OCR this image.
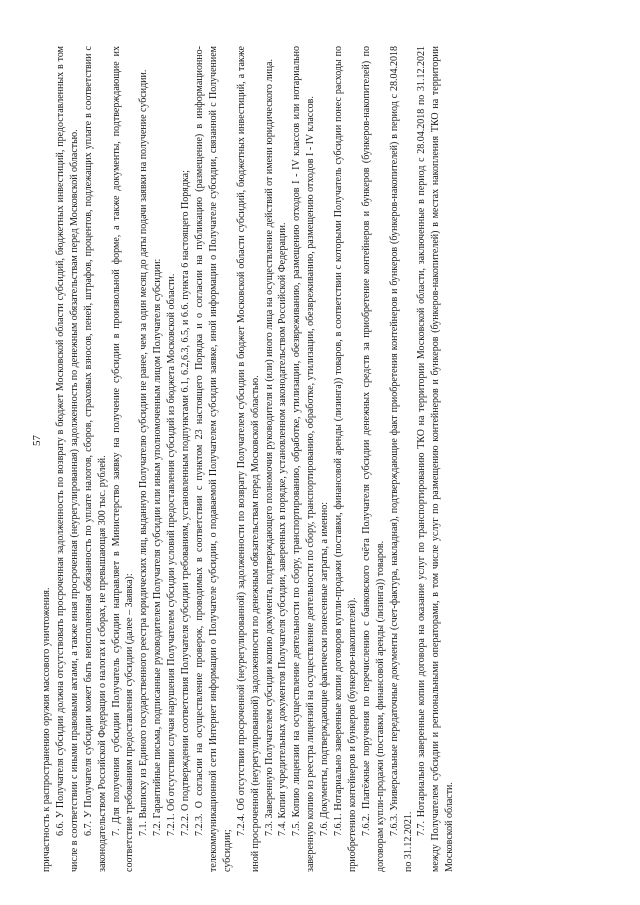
причастность к распространению оружия массового уничтожения. 6.6. У Получателя субсидии должна отсутствовать просроченная задолженность по возврату в бюджет Московской области субсидий, бюджетных инвестиций, предоставленных в том числе в соответствии с иными правовыми актами, а также иная просроченная (неурегулированная) задолженность по денежным обязательствам перед Московской областью. 6.7. У Получателя субсидии может быть неисполненная обязанность по уплате налогов, сборов, страховых взносов, пеней, штрафов, процентов, подлежащих уплате в соответствии с законодательством Российской Федерации о налогах и сборах, не превышающая 300 тыс. рублей. 7. Для получения субсидии Получатель субсидии направляет в Министерство заявку на получение субсидии в произвольной форме, а также документы, подтверждающие их соответствие требованиям предоставления субсидии (далее – Заявка): 7.1. Выписку из Единого государственного реестра юридических лиц, выданную Получателю субсидии не ранее, чем за один месяц до даты подачи заявки на получение субсидии. 7.2. Гарантийные письма, подписанные руководителем Получателя субсидии или иным уполномоченным лицом Получателя субсидии: 7.2.1. Об отсутствии случая нарушения Получателем субсидии условий предоставления субсидий из бюджета Московской области. 7.2.2. О подтверждении соответствия Получателя субсидии требованиям, установленным подпунктами 6.1, 6.2,6.3, 6.5, и 6.6. пункта 6 настоящего Порядка; 7.2.3. О согласии на осуществление проверок, проводимых в соответствии с пунктом 23 настоящего Порядка и о согласии на публикацию (размещение) в информационно-телекоммуникационной сети Интернет информации о Получателе субсидии, о подаваемой Получателем субсидии заявке, иной информации о Получателе субсидии, связанной с Получением субсидии;

7.2.4. Об отсутствии просроченной (неурегулированной) задолженности по возврату Получателем субсидии в бюджет Московской области субсидий, бюджетных инвестиций, а также иной просроченной (неурегулированной) задолженности по денежным обязательствам перед Московской областью. 7.3. Заверенную Получателем субсидии копию документа, подтверждающего полномочия руководителя и (или) иного лица на осуществление действий от имени юридического лица. 7.4. Копии учредительных документов Получателя субсидии, заверенных в порядке, установленном законодательством Российской Федерации. 7.5. Копию лицензии на осуществление деятельности по сбору, транспортированию, обработке, утилизации, обезвреживанию, размещению отходов I - IV классов или нотариально заверенную копию из реестра лицензий на осуществление деятельности по сбору, транспортированию, обработке, утилизации, обезвреживанию, размещению отходов I - IV классов. 7.6. Документы, подтверждающие фактически понесенные затраты, а именно: 7.6.1. Нотариально заверенные копии договоров купли-продажи (поставки, финансовой аренды (лизинга)) товаров, в соответствии с которыми Получатель субсидии понес расходы по приобретению контейнеров и бункеров (бункеров-накопителей). 7.6.2. Платёжные поручения по перечислению с банковского счёта Получателя субсидии денежных средств за приобретение контейнеров и бункеров (бункеров-накопителей) по договорам купли-продажи (поставки, финансовой аренды (лизинга)) товаров. 7.6.3. Универсальные передаточные документы (счет-фактура, накладная), подтверждающие факт приобретения контейнеров и бункеров (бункеров-накопителей) в период с 28.04.2018 по 31.12.2021.

7.7. Нотариально заверенные копии договора на оказание услуг по транспортированию ТКО на территории Московской области, заключенные в период с 28.04.2018 по 31.12.2021 между Получателем субсидии и региональными операторами, в том числе услуг по размещению контейнеров и бункеров (бункеров-накопителей) в местах накопления ТКО на территории Московской области.

57
